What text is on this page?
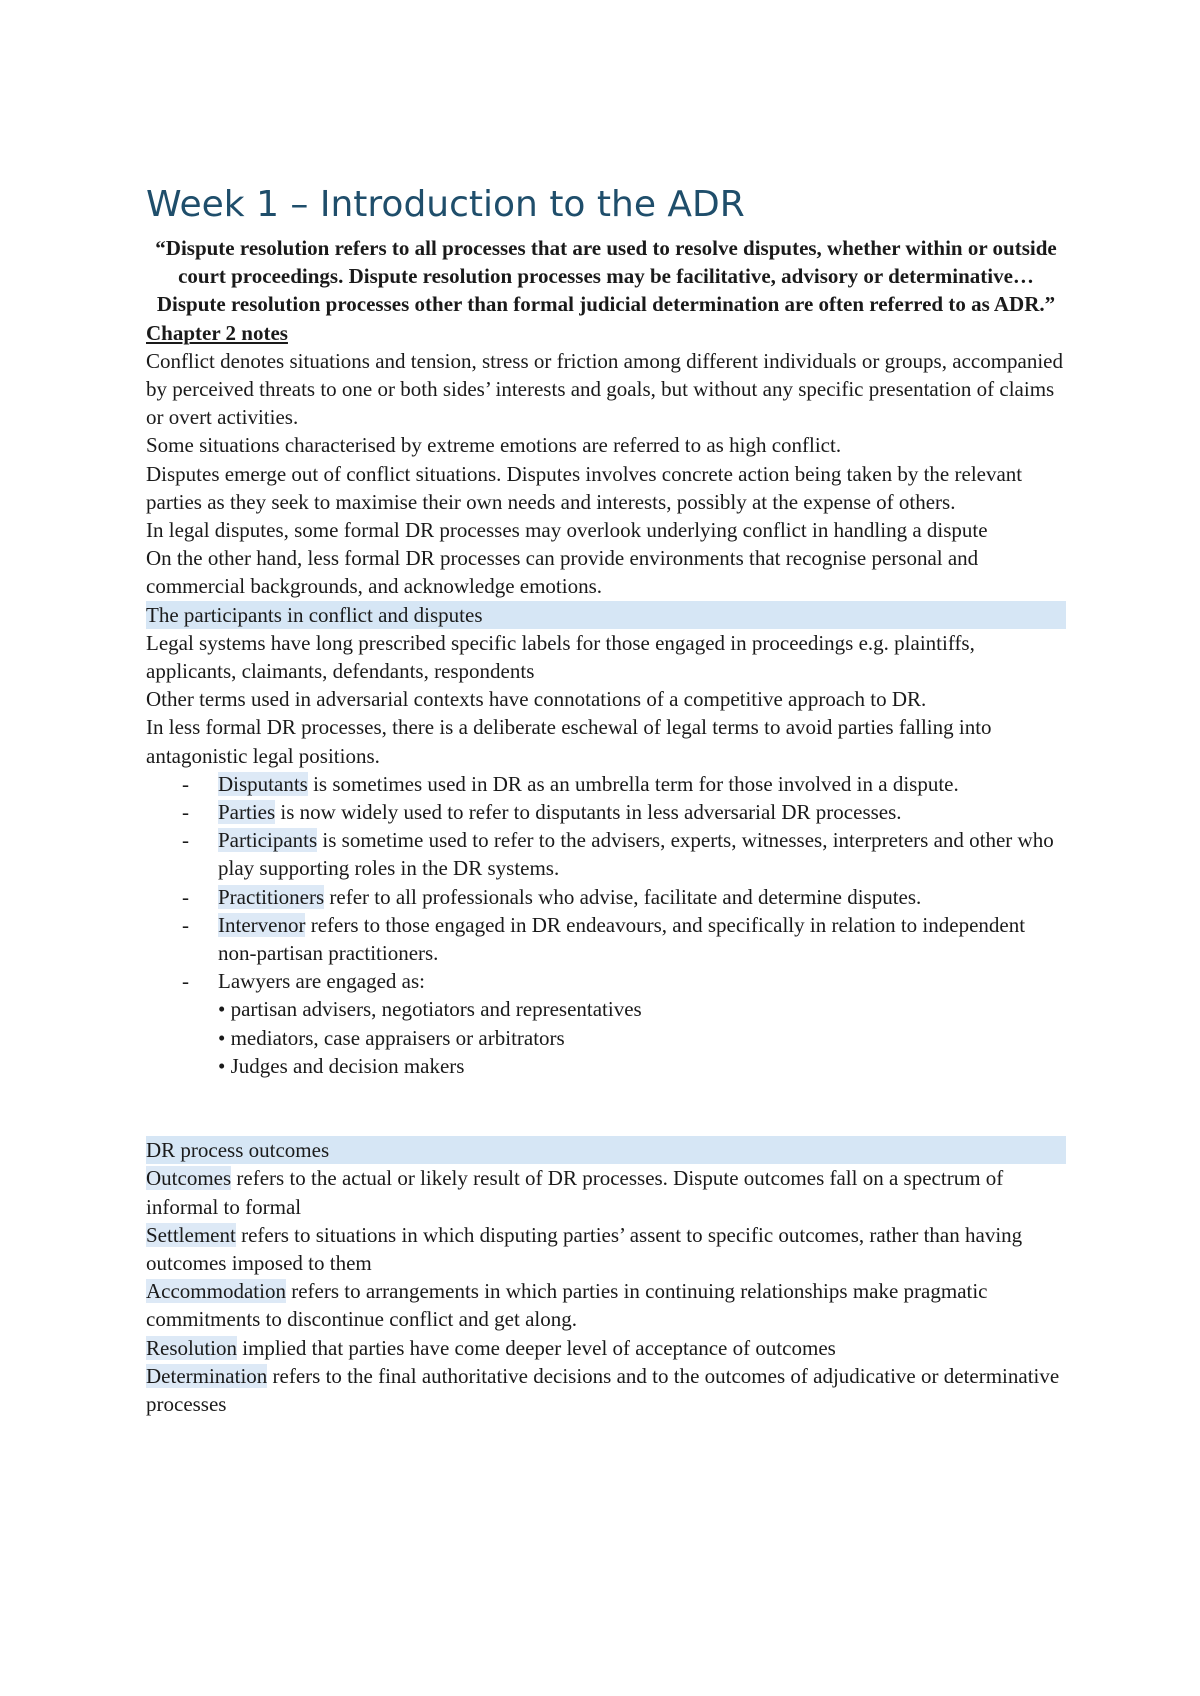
Week 1 – Introduction to the ADR

“Dispute resolution refers to all processes that are used to resolve disputes, whether within or outside court proceedings. Dispute resolution processes may be facilitative, advisory or determinative… Dispute resolution processes other than formal judicial determination are often referred to as ADR.”

Chapter 2 notes

Conflict denotes situations and tension, stress or friction among different individuals or groups, accompanied by perceived threats to one or both sides’ interests and goals, but without any specific presentation of claims or overt activities.

Some situations characterised by extreme emotions are referred to as high conflict.

Disputes emerge out of conflict situations. Disputes involves concrete action being taken by the relevant parties as they seek to maximise their own needs and interests, possibly at the expense of others.

In legal disputes, some formal DR processes may overlook underlying conflict in handling a dispute

On the other hand, less formal DR processes can provide environments that recognise personal and commercial backgrounds, and acknowledge emotions.

The participants in conflict and disputes

Legal systems have long prescribed specific labels for those engaged in proceedings e.g. plaintiffs, applicants, claimants, defendants, respondents

Other terms used in adversarial contexts have connotations of a competitive approach to DR.

In less formal DR processes, there is a deliberate eschewal of legal terms to avoid parties falling into antagonistic legal positions.

- Disputants is sometimes used in DR as an umbrella term for those involved in a dispute.
- Parties is now widely used to refer to disputants in less adversarial DR processes.
- Participants is sometime used to refer to the advisers, experts, witnesses, interpreters and other who play supporting roles in the DR systems.
- Practitioners refer to all professionals who advise, facilitate and determine disputes.
- Intervenor refers to those engaged in DR endeavours, and specifically in relation to independent non-partisan practitioners.
- Lawyers are engaged as:

• partisan advisers, negotiators and representatives

• mediators, case appraisers or arbitrators

• Judges and decision makers

DR process outcomes

Outcomes refers to the actual or likely result of DR processes. Dispute outcomes fall on a spectrum of informal to formal

Settlement refers to situations in which disputing parties’ assent to specific outcomes, rather than having outcomes imposed to them

Accommodation refers to arrangements in which parties in continuing relationships make pragmatic commitments to discontinue conflict and get along.

Resolution implied that parties have come deeper level of acceptance of outcomes

Determination refers to the final authoritative decisions and to the outcomes of adjudicative or determinative processes
